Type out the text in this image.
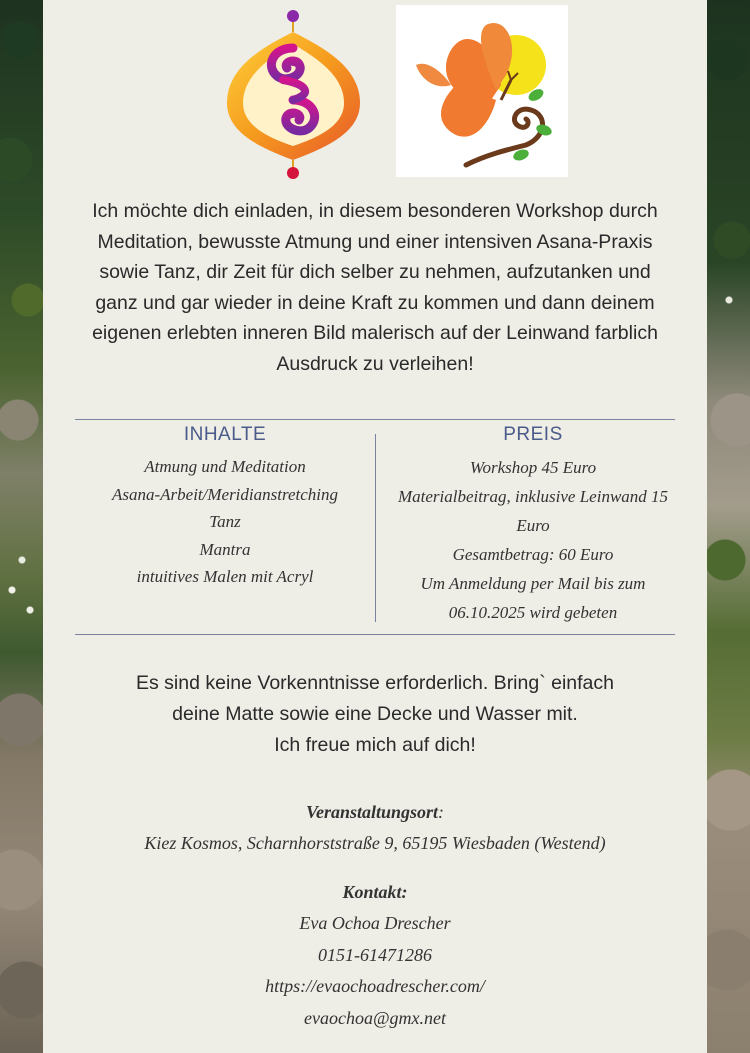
Ich möchte dich einladen, in diesem besonderen Workshop durch
Meditation, bewusste Atmung und einer intensiven Asana-Praxis
sowie Tanz, dir Zeit für dich selber zu nehmen, aufzutanken und
ganz und gar wieder in deine Kraft zu kommen und dann deinem
eigenen erlebten inneren Bild malerisch auf der Leinwand farblich
Ausdruck zu verleihen!
INHALTE
Atmung und Meditation
Asana-Arbeit/Meridianstretching
Tanz
Mantra
intuitives Malen mit Acryl
PREIS
Workshop 45 Euro
Materialbeitrag, inklusive Leinwand 15
Euro
Gesamtbetrag: 60 Euro
Um Anmeldung per Mail bis zum
06.10.2025 wird gebeten
Es sind keine Vorkenntnisse erforderlich. Bring` einfach
deine Matte sowie eine Decke und Wasser mit.
Ich freue mich auf dich!
Veranstaltungsort:
Kiez Kosmos, Scharnhorststraße 9, 65195 Wiesbaden (Westend)
Kontakt:
Eva Ochoa Drescher
0151-61471286
https://evaochoadrescher.com/
evaochoa@gmx.net
